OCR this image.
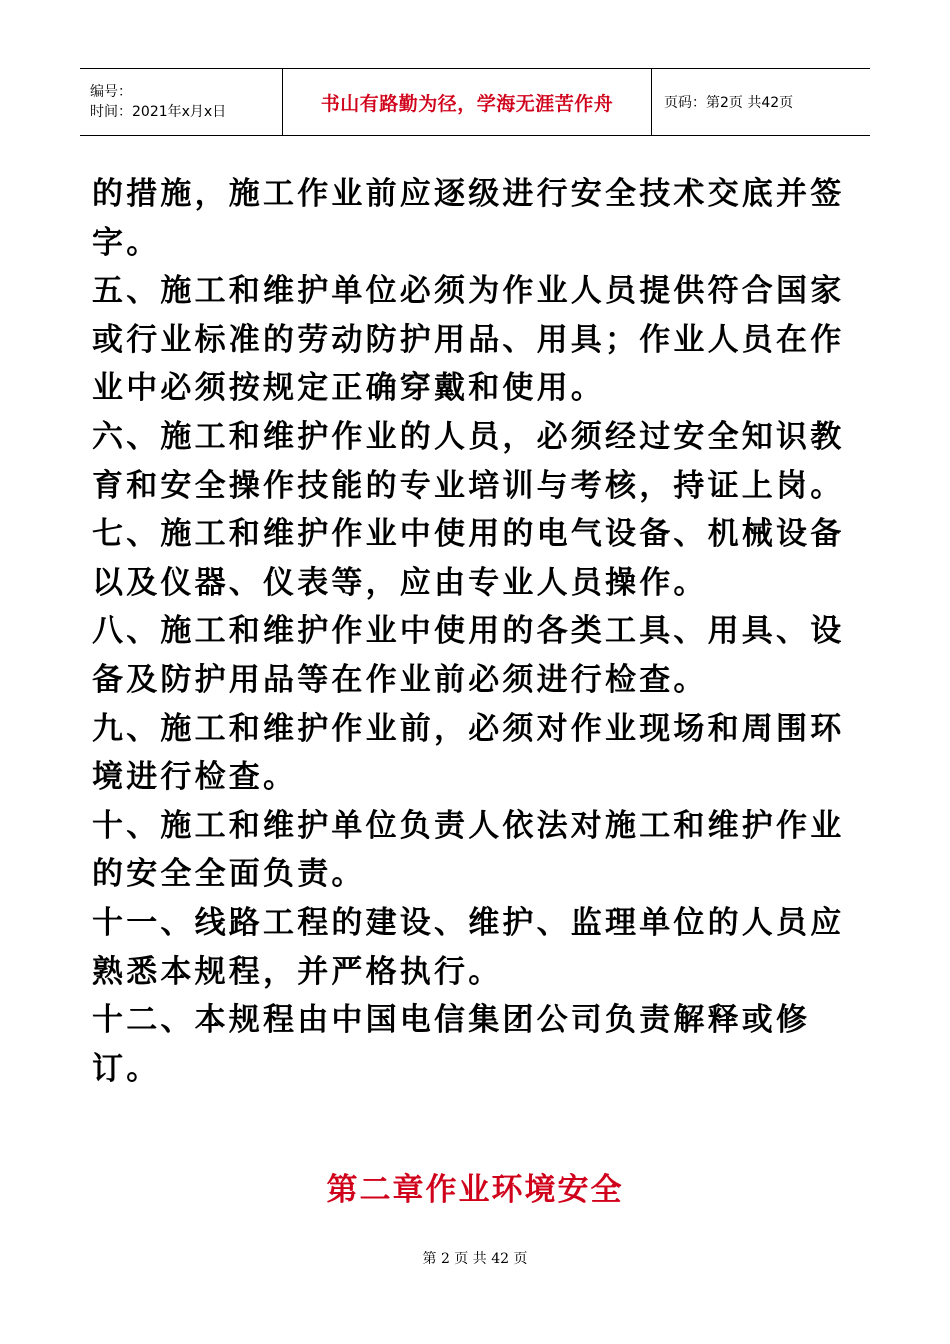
编号：
时间：2021年x月x日	书山有路勤为径，学海无涯苦作舟	页码：第2页 共42页

的措施，施工作业前应逐级进行安全技术交底并签字。

五、施工和维护单位必须为作业人员提供符合国家或行业标准的劳动防护用品、用具；作业人员在作业中必须按规定正确穿戴和使用。

六、施工和维护作业的人员，必须经过安全知识教育和安全操作技能的专业培训与考核，持证上岗。

七、施工和维护作业中使用的电气设备、机械设备以及仪器、仪表等，应由专业人员操作。

八、施工和维护作业中使用的各类工具、用具、设备及防护用品等在作业前必须进行检查。

九、施工和维护作业前，必须对作业现场和周围环境进行检查。

十、施工和维护单位负责人依法对施工和维护作业的安全全面负责。

十一、线路工程的建设、维护、监理单位的人员应熟悉本规程，并严格执行。

十二、本规程由中国电信集团公司负责解释或修订。

第二章作业环境安全
第 2 页 共 42 页
